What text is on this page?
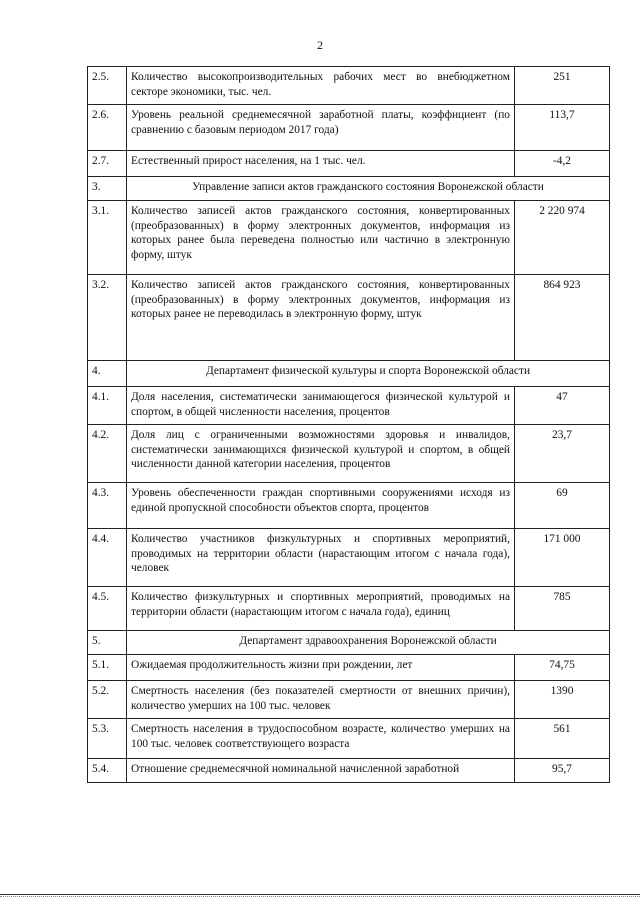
2
2.5.	Количество высокопроизводительных рабочих мест во внебюджетном секторе экономики, тыс. чел.	251
2.6.	Уровень реальной среднемесячной заработной платы, коэффициент (по сравнению с базовым периодом 2017 года)	113,7
2.7.	Естественный прирост населения, на 1 тыс. чел.	-4,2
3.	Управление записи актов гражданского состояния Воронежской области	
3.1.	Количество записей актов гражданского состояния, конвертированных (преобразованных) в форму электронных документов, информация из которых ранее была переведена полностью или частично в электронную форму, штук	2 220 974
3.2.	Количество записей актов гражданского состояния, конвертированных (преобразованных) в форму электронных документов, информация из которых ранее не переводилась в электронную форму, штук	864 923
4.	Департамент физической культуры и спорта Воронежской области	
4.1.	Доля населения, систематически занимающегося физической культурой и спортом, в общей численности населения, процентов	47
4.2.	Доля лиц с ограниченными возможностями здоровья и инвалидов, систематически занимающихся физической культурой и спортом, в общей численности данной категории населения, процентов	23,7
4.3.	Уровень обеспеченности граждан спортивными сооружениями исходя из единой пропускной способности объектов спорта, процентов	69
4.4.	Количество участников физкультурных и спортивных мероприятий, проводимых на территории области (нарастающим итогом с начала года), человек	171 000
4.5.	Количество физкультурных и спортивных мероприятий, проводимых на территории области (нарастающим итогом с начала года), единиц	785
5.	Департамент здравоохранения Воронежской области	
5.1.	Ожидаемая продолжительность жизни при рождении, лет	74,75
5.2.	Смертность населения (без показателей смертности от внешних причин), количество умерших на 100 тыс. человек	1390
5.3.	Смертность населения в трудоспособном возрасте, количество умерших на 100 тыс. человек соответствующего возраста	561
5.4.	Отношение среднемесячной номинальной начисленной заработной	95,7
